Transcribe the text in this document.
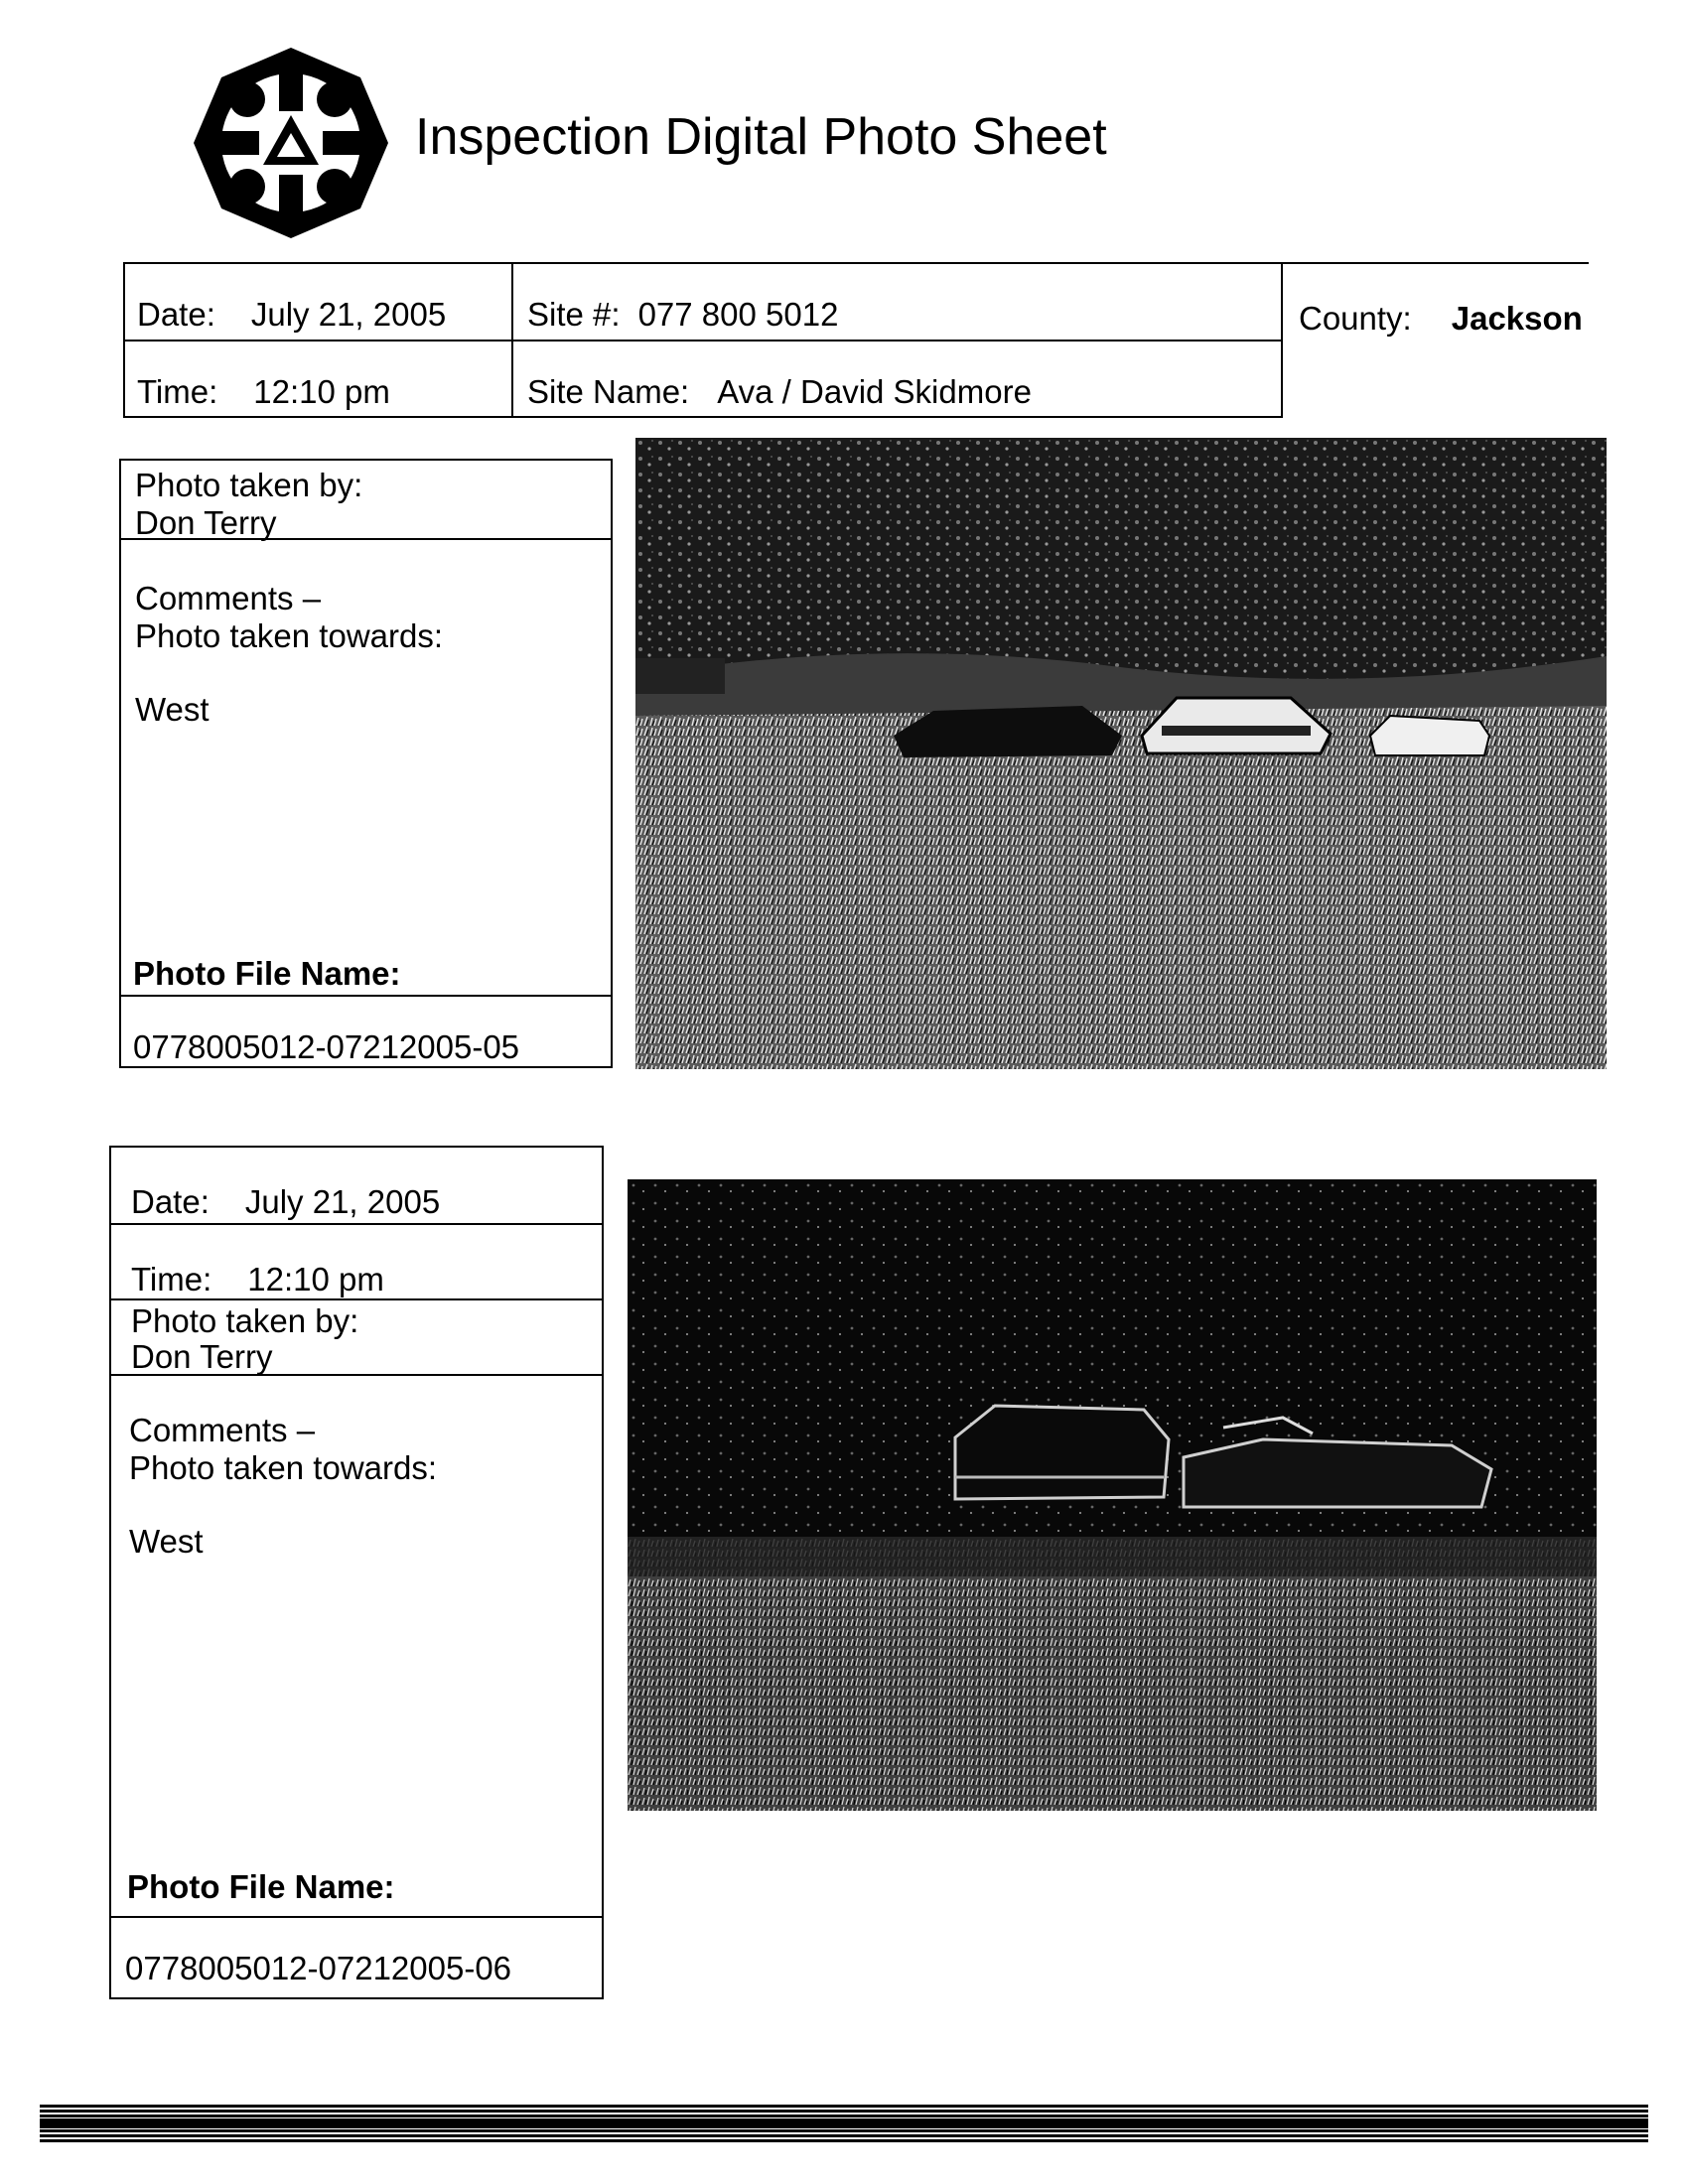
Inspection Digital Photo Sheet
Date: July 21, 2005 Site #: 077 800 5012	County: Jackson
Time: 12:10 pm	Site Name: Ava / David Skidmore
Photo taken by:
Don Terry
Comments –
Photo taken towards:
West
Photo File Name:
0778005012-07212005-05
Date: July 21, 2005
Time: 12:10 pm
Photo taken by:
Don Terry
Comments –
Photo taken towards:
West
Photo File Name:
0778005012-07212005-06
